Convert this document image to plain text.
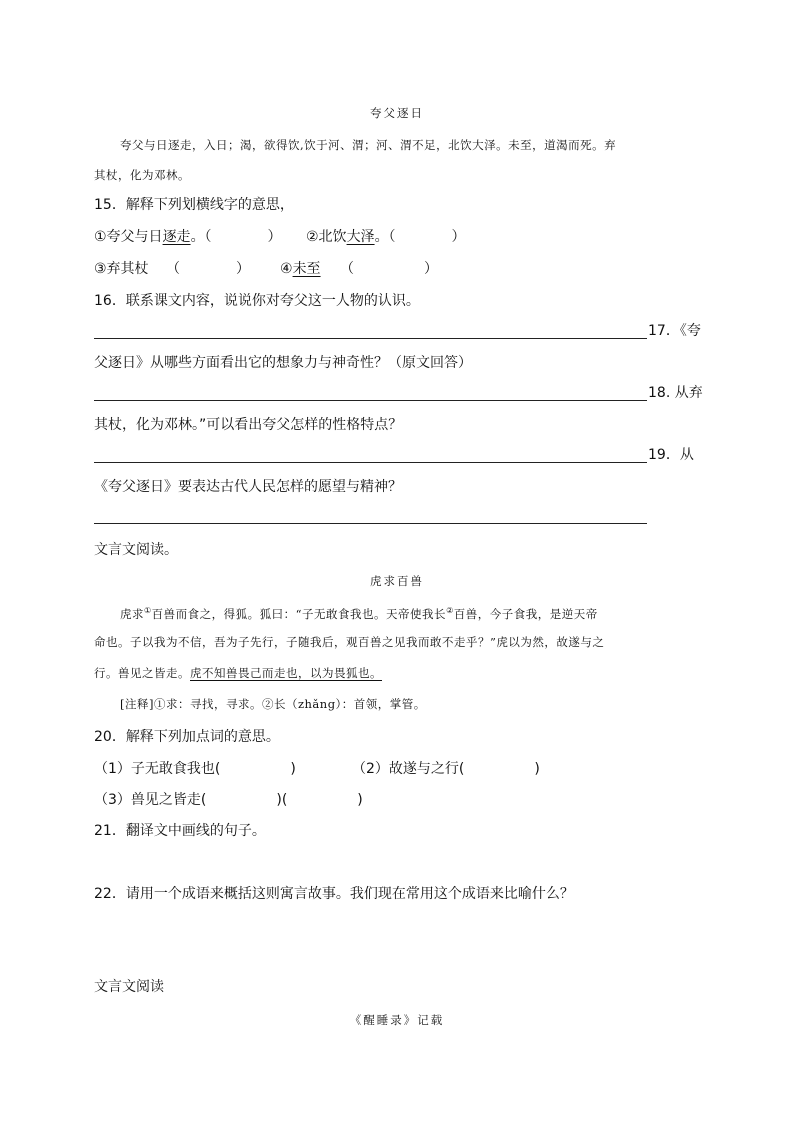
夸父逐日
夸父与日逐走，入日；渴，欲得饮,饮于河、渭；河、渭不足，北饮大泽。未至，道渴而死。弃
其杖，化为邓林。
15．解释下列划横线字的意思，
①夸父与日逐走。（　　　　） ②北饮大泽。（　　　　）
③弃其杖 （　　　　） ④未至 （　　　　　）
16．联系课文内容，说说你对夸父这一人物的认识。
17．《夸
父逐日》从哪些方面看出它的想象力与神奇性？（原文回答）
18. 从弃
其杖，化为邓林。”可以看出夸父怎样的性格特点？
19．从
《夸父逐日》要表达古代人民怎样的愿望与精神？
文言文阅读。
虎求百兽
虎求①百兽而食之，得狐。狐曰：“子无敢食我也。天帝使我长②百兽，今子食我，是逆天帝
命也。子以我为不信，吾为子先行，子随我后，观百兽之见我而敢不走乎？”虎以为然，故遂与之
行。兽见之皆走。虎不知兽畏己而走也，以为畏狐也。
[注释]①求：寻找，寻求。②长（zhǎng）：首领，掌管。
20．解释下列加点词的意思。
（1）子无敢食我也(　　　　　)	（2）故遂与之行(　　　　　)
（3）兽见之皆走(　　　　　)(　　　　　)
21．翻译文中画线的句子。
22．请用一个成语来概括这则寓言故事。我们现在常用这个成语来比喻什么？
文言文阅读
《醒睡录》记载
